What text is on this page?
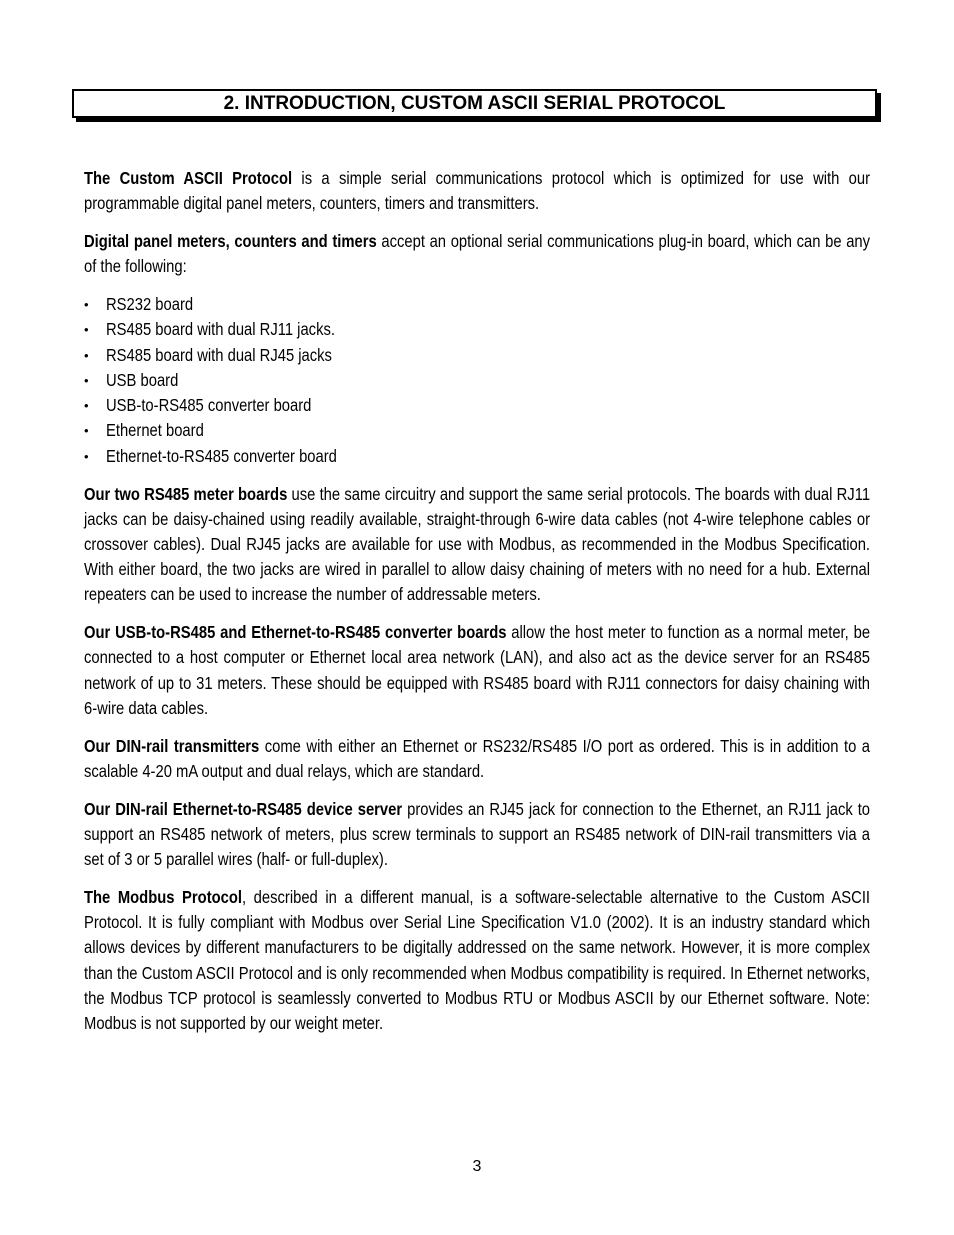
2. INTRODUCTION, CUSTOM ASCII SERIAL PROTOCOL

The Custom ASCII Protocol is a simple serial communications protocol which is optimized for use with our programmable digital panel meters, counters, timers and transmitters.

Digital panel meters, counters and timers accept an optional serial communications plug-in board, which can be any of the following:

•	RS232 board
•	RS485 board with dual RJ11 jacks.
•	RS485 board with dual RJ45 jacks
•	USB board
•	USB-to-RS485 converter board
•	Ethernet board
•	Ethernet-to-RS485 converter board

Our two RS485 meter boards use the same circuitry and support the same serial protocols. The boards with dual RJ11 jacks can be daisy-chained using readily available, straight-through 6-wire data cables (not 4-wire telephone cables or crossover cables). Dual RJ45 jacks are available for use with Modbus, as recommended in the Modbus Specification. With either board, the two jacks are wired in parallel to allow daisy chaining of meters with no need for a hub. External repeaters can be used to increase the number of addressable meters.

Our USB-to-RS485 and Ethernet-to-RS485 converter boards allow the host meter to function as a normal meter, be connected to a host computer or Ethernet local area network (LAN), and also act as the device server for an RS485 network of up to 31 meters. These should be equipped with RS485 board with RJ11 connectors for daisy chaining with 6-wire data cables.

Our DIN-rail transmitters come with either an Ethernet or RS232/RS485 I/O port as ordered. This is in addition to a scalable 4-20 mA output and dual relays, which are standard.

Our DIN-rail Ethernet-to-RS485 device server provides an RJ45 jack for connection to the Ethernet, an RJ11 jack to support an RS485 network of meters, plus screw terminals to support an RS485 network of DIN-rail transmitters via a set of 3 or 5 parallel wires (half- or full-duplex).

The Modbus Protocol, described in a different manual, is a software-selectable alternative to the Custom ASCII Protocol. It is fully compliant with Modbus over Serial Line Specification V1.0 (2002). It is an industry standard which allows devices by different manufacturers to be digitally addressed on the same network. However, it is more complex than the Custom ASCII Protocol and is only recommended when Modbus compatibility is required. In Ethernet networks, the Modbus TCP protocol is seamlessly converted to Modbus RTU or Modbus ASCII by our Ethernet software. Note: Modbus is not supported by our weight meter.

3
